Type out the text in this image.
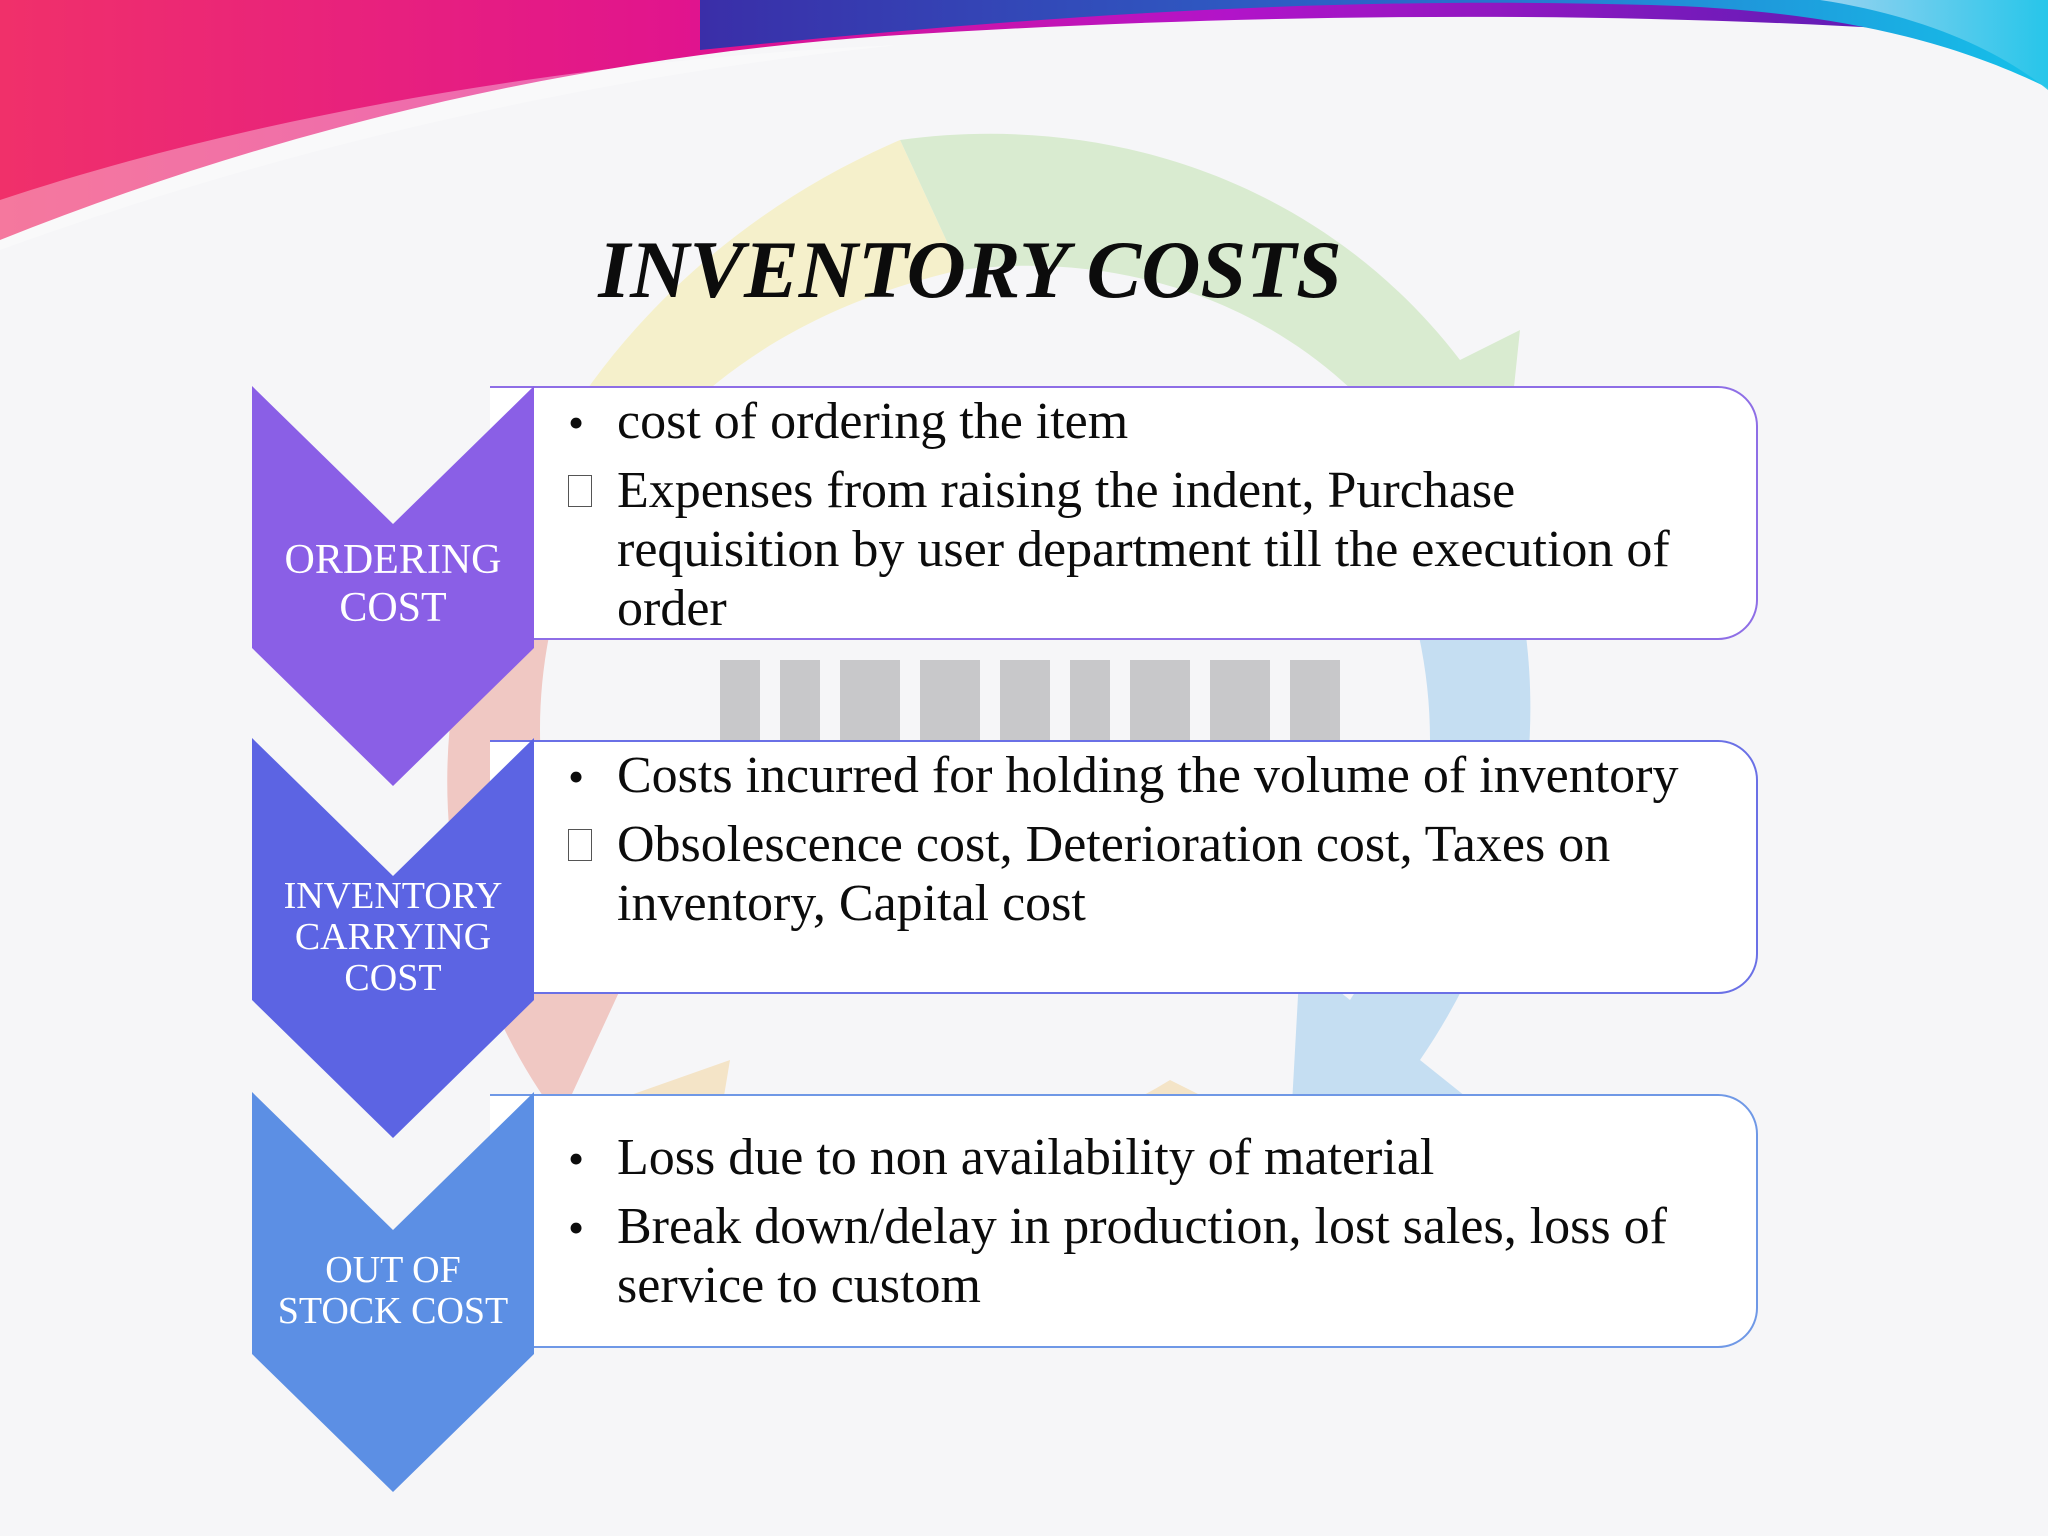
INVENTORY COSTS
ORDERING
COST
•
cost of ordering the item
Expenses from raising the indent, Purchase requisition by user department till the execution of order
INVENTORY
CARRYING
COST
•
Costs incurred for holding the volume of inventory
Obsolescence cost, Deterioration cost, Taxes on inventory, Capital cost
OUT OF
STOCK COST
•
Loss due to non availability of material
•
Break down/delay in production, lost sales, loss of service to custom
